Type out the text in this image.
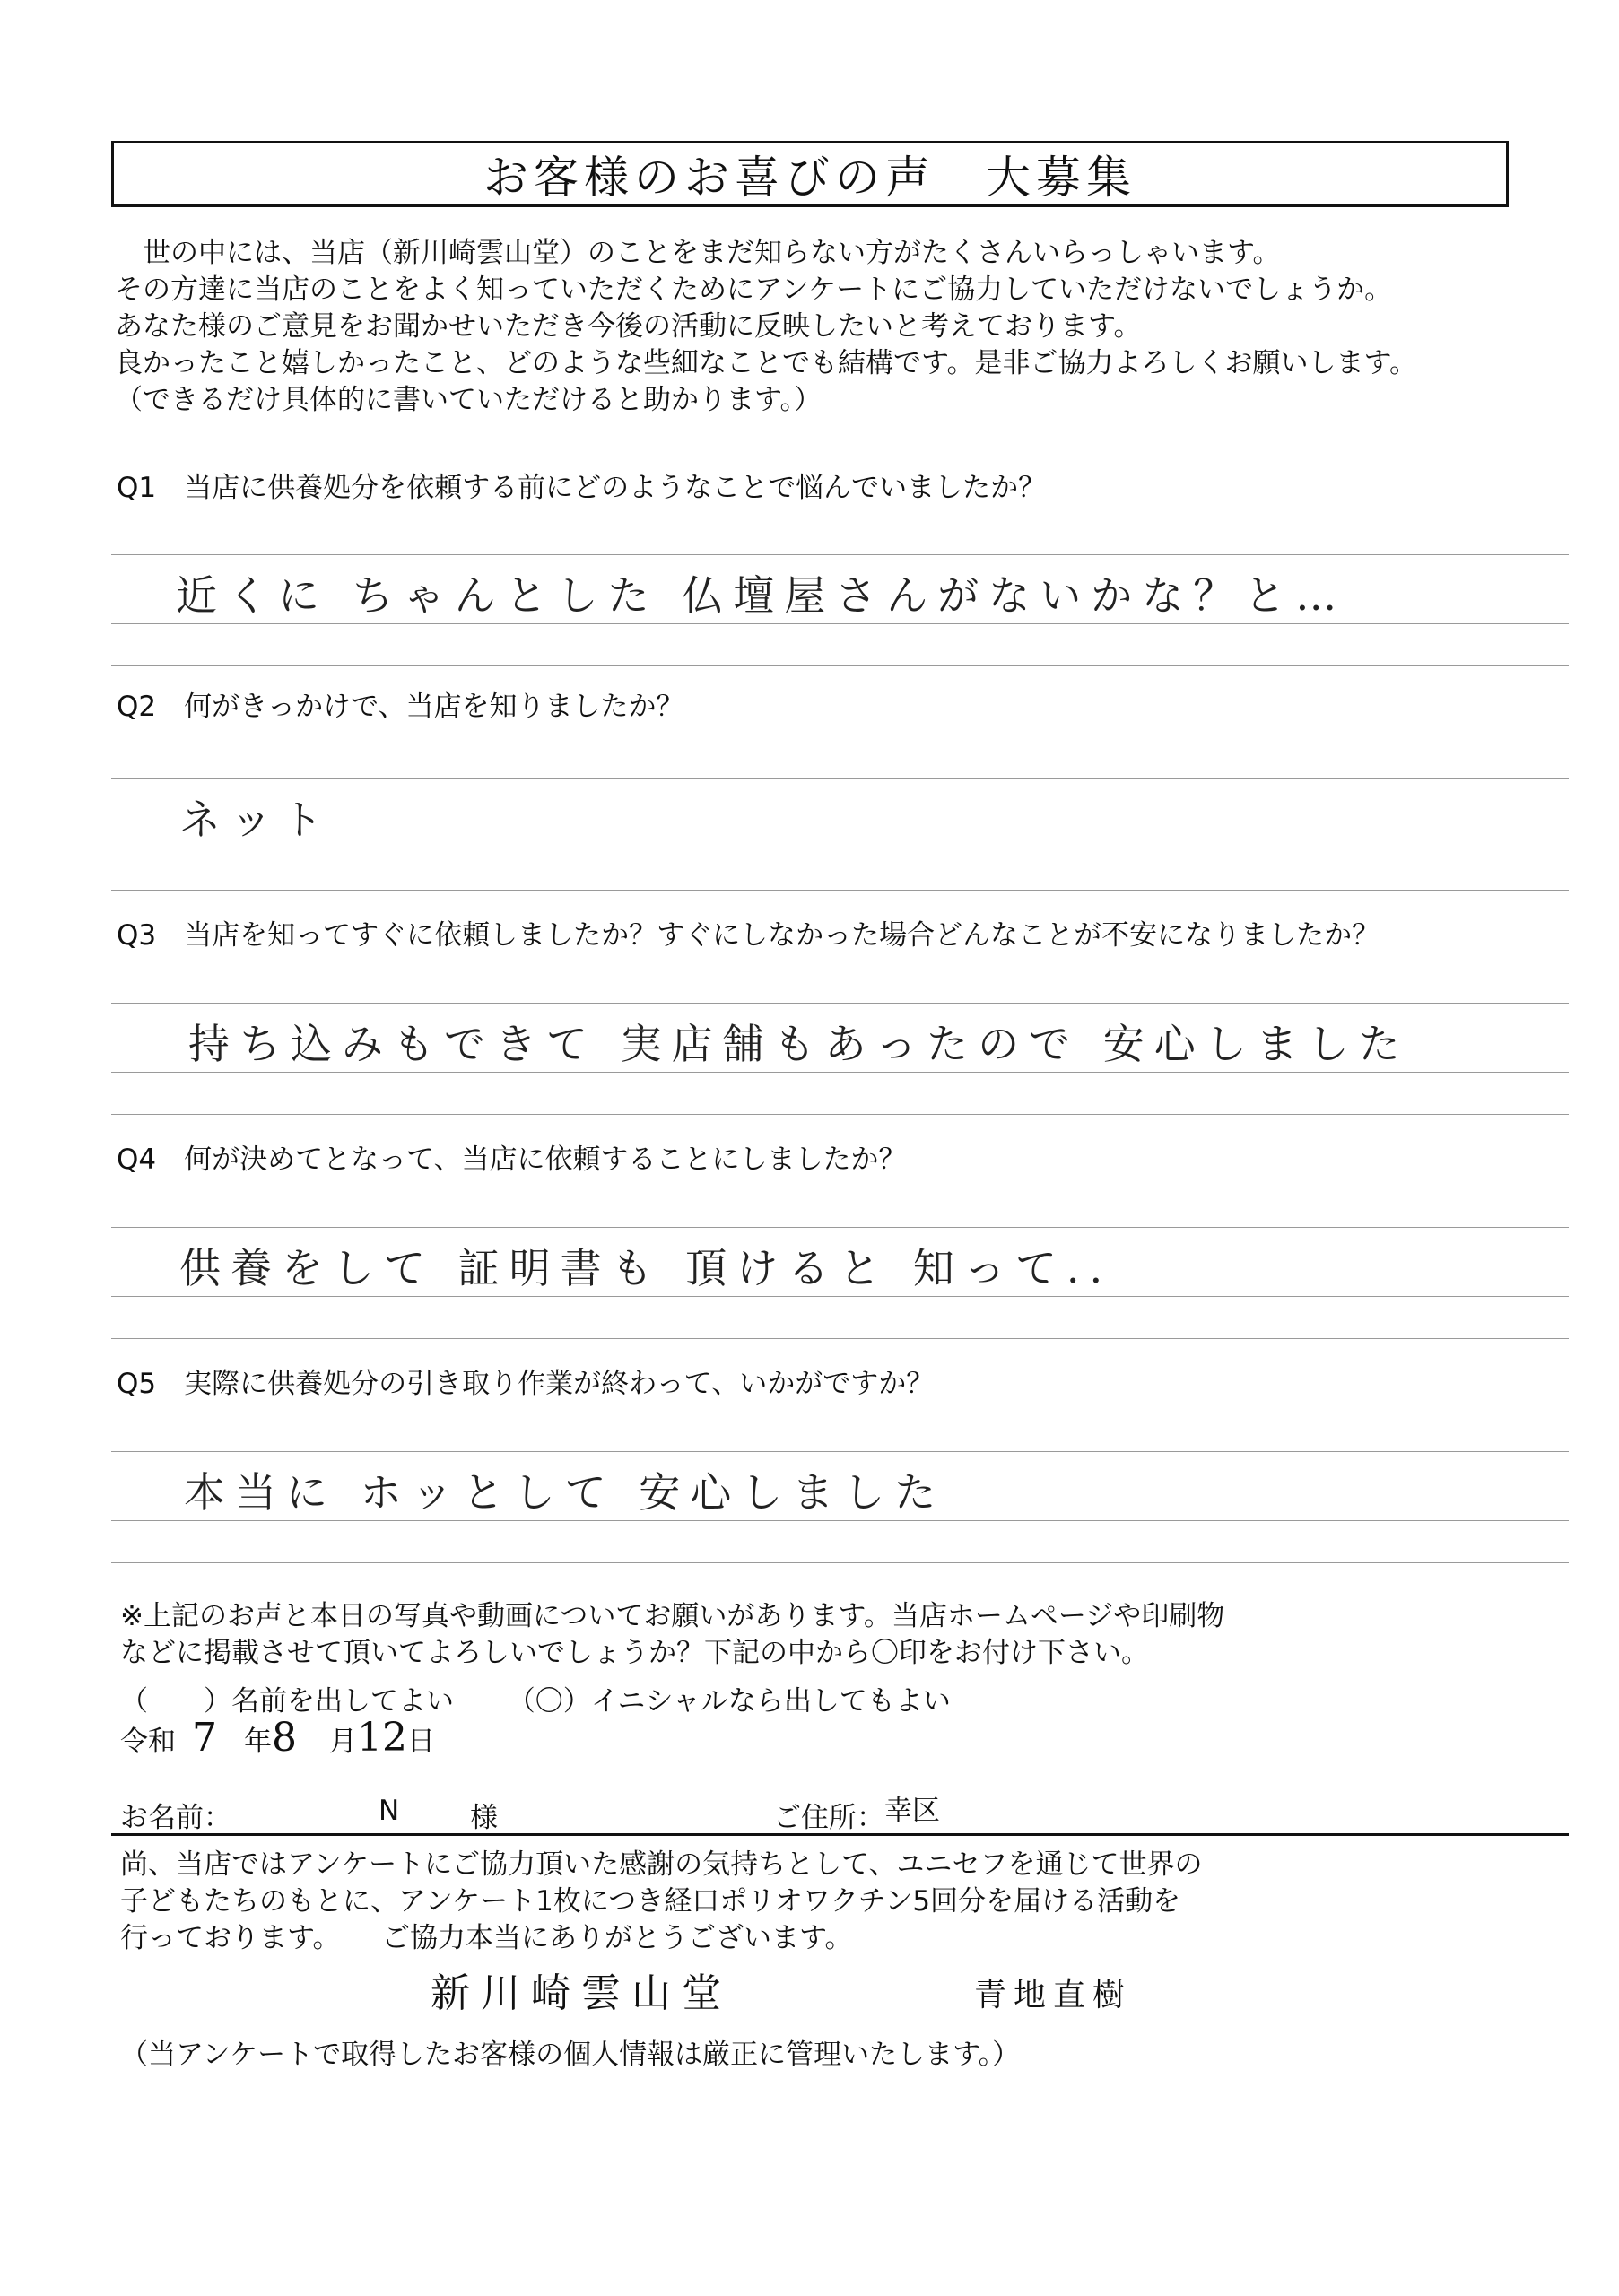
お客様のお喜びの声　大募集
　世の中には、当店（新川崎雲山堂）のことをまだ知らない方がたくさんいらっしゃいます。
その方達に当店のことをよく知っていただくためにアンケートにご協力していただけないでしょうか。
あなた様のご意見をお聞かせいただき今後の活動に反映したいと考えております。
良かったこと嬉しかったこと、どのような些細なことでも結構です。是非ご協力よろしくお願いします。
（できるだけ具体的に書いていただけると助かります。）
Q1　当店に供養処分を依頼する前にどのようなことで悩んでいましたか？
近くに ちゃんとした 仏壇屋さんがないかな？と…
Q2　何がきっかけで、当店を知りましたか？
ネット
Q3　当店を知ってすぐに依頼しましたか？すぐにしなかった場合どんなことが不安になりましたか？
持ち込みもできて 実店舗もあったので 安心しました
Q4　何が決めてとなって、当店に依頼することにしましたか？
供養をして 証明書も 頂けると 知って..
Q5　実際に供養処分の引き取り作業が終わって、いかがですか？
本当に ホッとして 安心しました
※上記のお声と本日の写真や動画についてお願いがあります。当店ホームページや印刷物
などに掲載させて頂いてよろしいでしょうか？下記の中から〇印をお付け下さい。
（　　）名前を出してよい （〇）イニシャルなら出してもよい
令和 7 年8 月12日
お名前：	N	様	ご住所： 幸区
尚、当店ではアンケートにご協力頂いた感謝の気持ちとして、ユニセフを通じて世界の
子どもたちのもとに、アンケート1枚につき経口ポリオワクチン5回分を届ける活動を
行っております。　　ご協力本当にありがとうございます。
新川崎雲山堂	青地直樹
（当アンケートで取得したお客様の個人情報は厳正に管理いたします。）
